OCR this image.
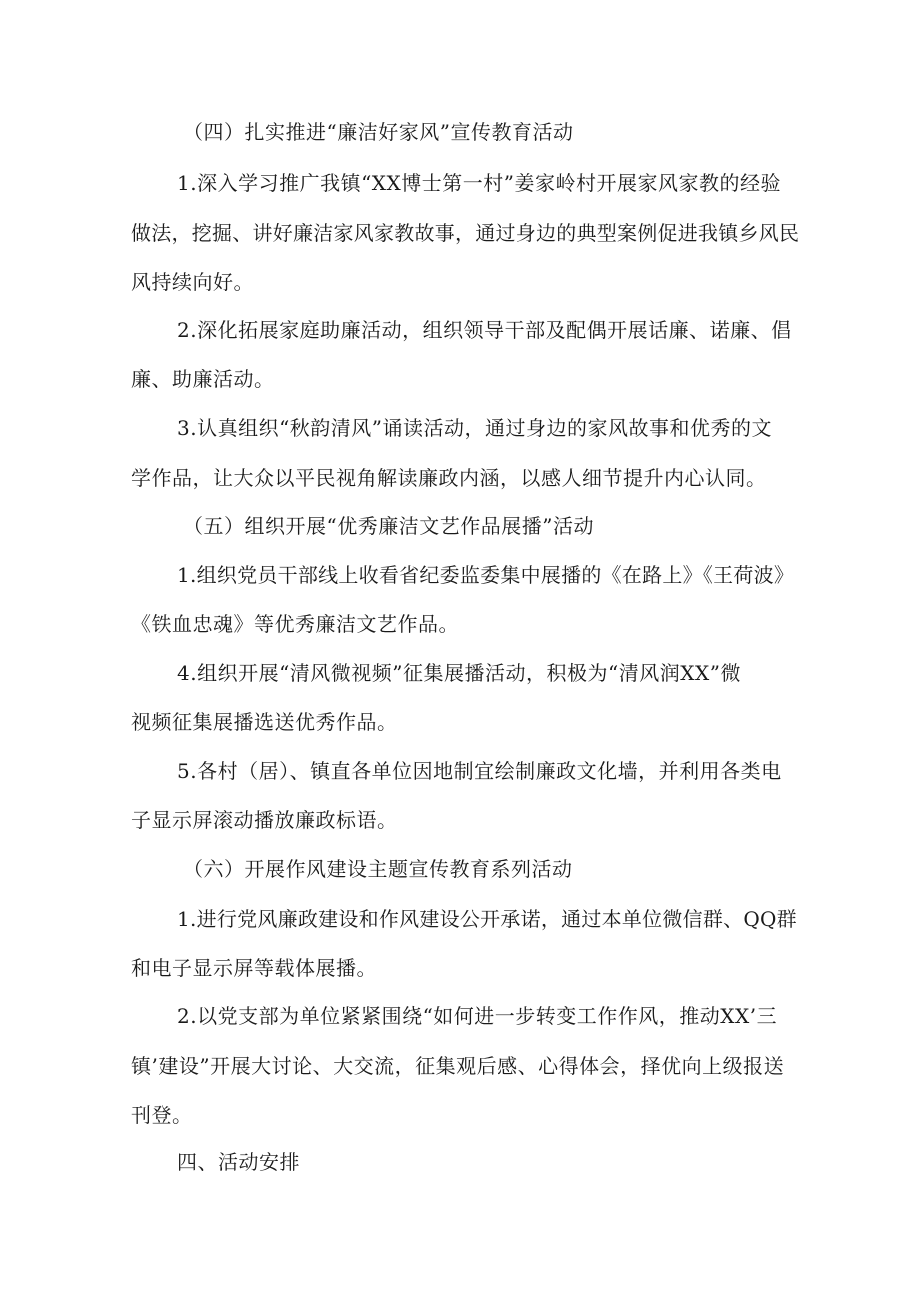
（四）扎实推进“廉洁好家风”宣传教育活动
1.深入学习推广我镇“XX博士第一村”姜家岭村开展家风家教的经验
做法，挖掘、讲好廉洁家风家教故事，通过身边的典型案例促进我镇乡风民
风持续向好。
2.深化拓展家庭助廉活动，组织领导干部及配偶开展话廉、诺廉、倡
廉、助廉活动。
3.认真组织“秋韵清风”诵读活动，通过身边的家风故事和优秀的文
学作品，让大众以平民视角解读廉政内涵，以感人细节提升内心认同。
（五）组织开展“优秀廉洁文艺作品展播”活动
1.组织党员干部线上收看省纪委监委集中展播的《在路上》《王荷波》
《铁血忠魂》等优秀廉洁文艺作品。
4.组织开展“清风微视频”征集展播活动，积极为“清风润XX”微
视频征集展播选送优秀作品。
5.各村（居）、镇直各单位因地制宜绘制廉政文化墙，并利用各类电
子显示屏滚动播放廉政标语。
（六）开展作风建设主题宣传教育系列活动
1.进行党风廉政建设和作风建设公开承诺，通过本单位微信群、QQ群
和电子显示屏等载体展播。
2.以党支部为单位紧紧围绕“如何进一步转变工作作风，推动XX’三
镇’建设”开展大讨论、大交流，征集观后感、心得体会，择优向上级报送
刊登。
四、活动安排
